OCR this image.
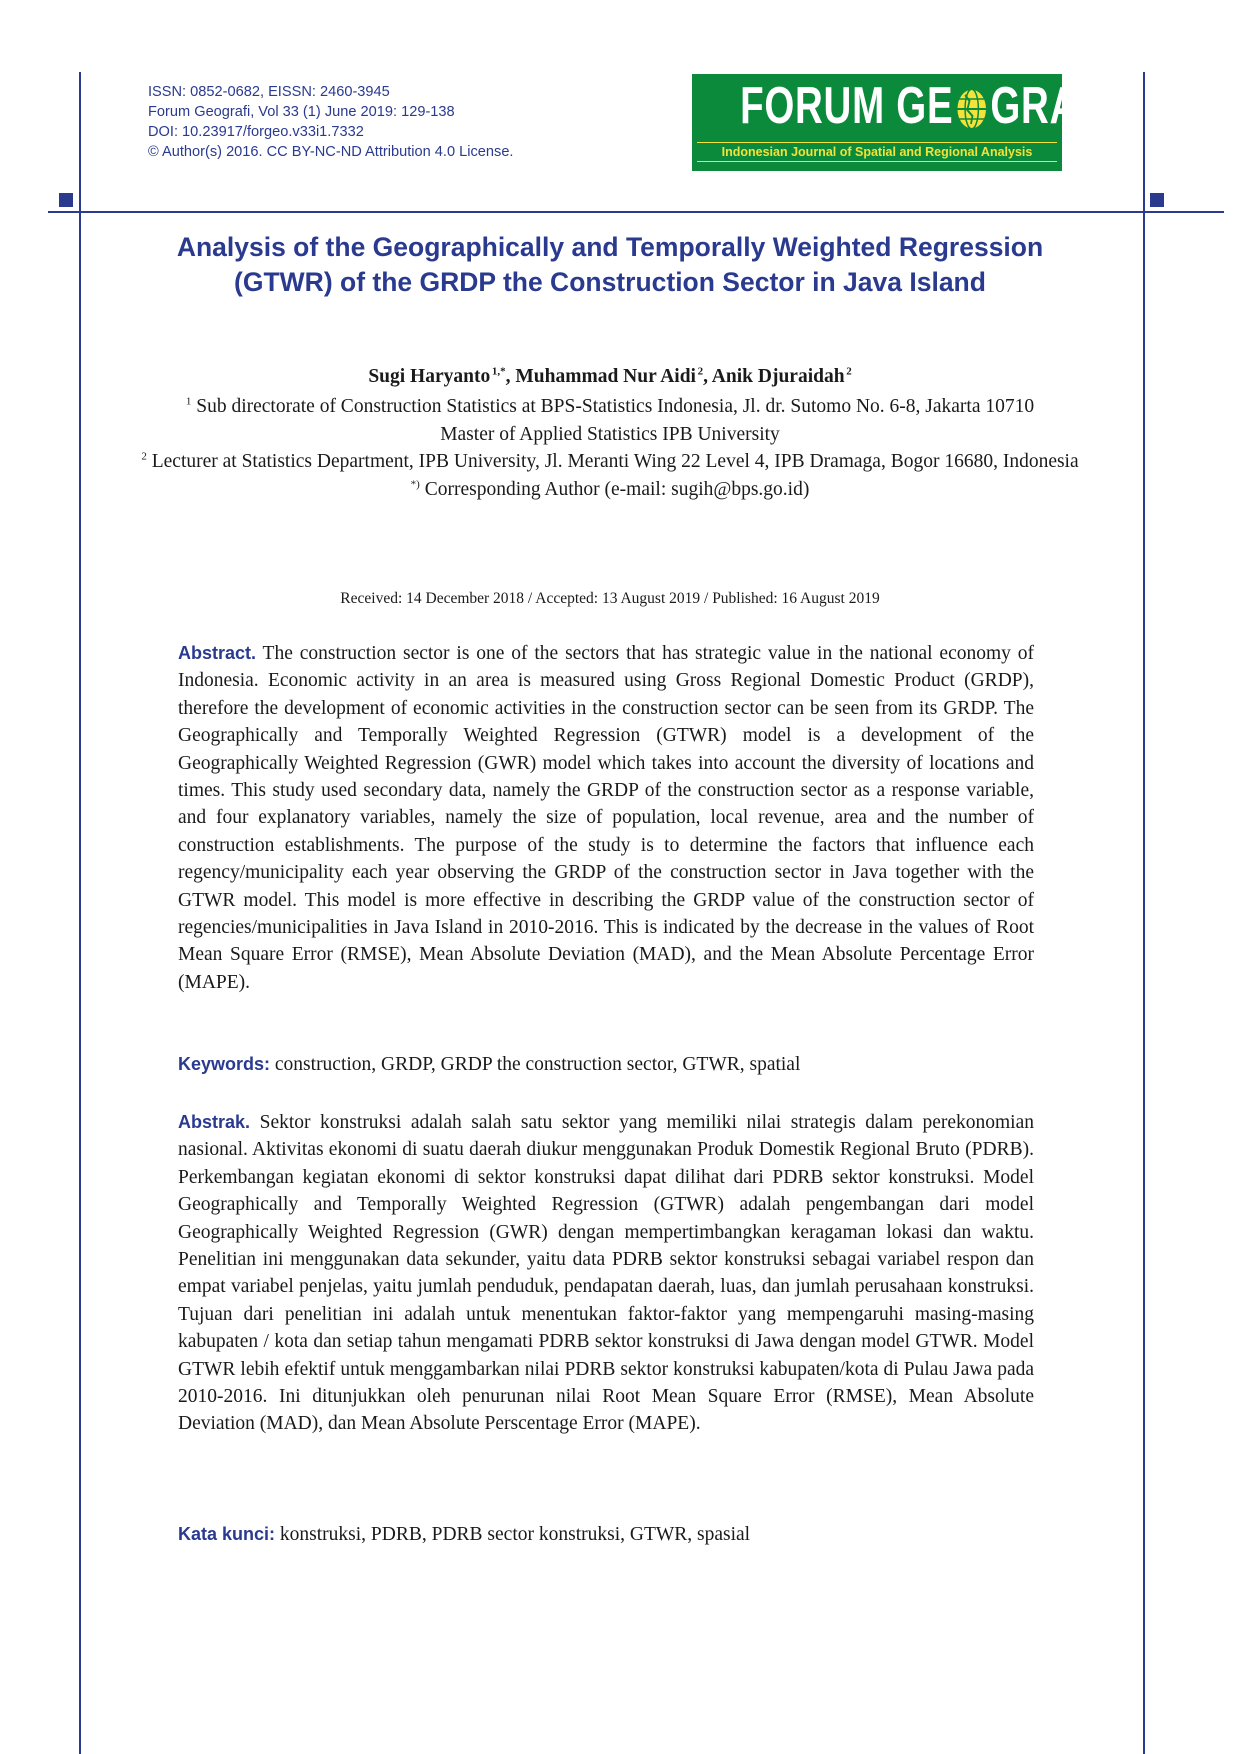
ISSN: 0852-0682, EISSN: 2460-3945
Forum Geografi, Vol 33 (1) June 2019: 129-138
DOI: 10.23917/forgeo.v33i1.7332
© Author(s) 2016. CC BY-NC-ND Attribution 4.0 License.
FORUM GE GRAFI
Indonesian Journal of Spatial and Regional Analysis
Analysis of the Geographically and Temporally Weighted Regression (GTWR) of the GRDP the Construction Sector in Java Island
Sugi Haryanto  $^{1,*}$, Muhammad Nur Aidi  $^2$, Anik Djuraidah  $^2$
$^1$ Sub directorate of Construction Statistics at BPS-Statistics Indonesia, Jl. dr. Sutomo No. 6-8, Jakarta 10710
Master of Applied Statistics IPB University
$^2$ Lecturer at Statistics Department, IPB University, Jl. Meranti Wing 22 Level 4, IPB Dramaga, Bogor 16680, Indonesia
*) Corresponding Author (e-mail: sugih@bps.go.id)
Received: 14 December 2018 / Accepted: 13 August 2019 / Published: 16 August 2019
Abstract. The construction sector is one of the sectors that has strategic value in the national economy of Indonesia. Economic activity in an area is measured using Gross Regional Domestic Product (GRDP), therefore the development of economic activities in the construction sector can be seen from its GRDP. The Geographically and Temporally Weighted Regression (GTWR) model is a development of the Geographically Weighted Regression (GWR) model which takes into account the diversity of locations and times. This study used secondary data, namely the GRDP of the construction sector as a response variable, and four explanatory variables, namely the size of population, local revenue, area and the number of construction establishments. The purpose of the study is to determine the factors that influence each regency/municipality each year observing the GRDP of the construction sector in Java together with the GTWR model. This model is more effective in describing the GRDP value of the construction sector of regencies/municipalities in Java Island in 2010-2016. This is indicated by the decrease in the values of Root Mean Square Error (RMSE), Mean Absolute Deviation (MAD), and the Mean Absolute Percentage Error (MAPE).
Keywords: construction, GRDP, GRDP the construction sector, GTWR, spatial
Abstrak. Sektor konstruksi adalah salah satu sektor yang memiliki nilai strategis dalam perekonomian nasional. Aktivitas ekonomi di suatu daerah diukur menggunakan Produk Domestik Regional Bruto (PDRB). Perkembangan kegiatan ekonomi di sektor konstruksi dapat dilihat dari PDRB sektor konstruksi. Model Geographically and Temporally Weighted Regression (GTWR) adalah pengembangan dari model Geographically Weighted Regression (GWR) dengan mempertimbangkan keragaman lokasi dan waktu. Penelitian ini menggunakan data sekunder, yaitu data PDRB sektor konstruksi sebagai variabel respon dan empat variabel penjelas, yaitu jumlah penduduk, pendapatan daerah, luas, dan jumlah perusahaan konstruksi. Tujuan dari penelitian ini adalah untuk menentukan faktor-faktor yang mempengaruhi masing-masing kabupaten / kota dan setiap tahun mengamati PDRB sektor konstruksi di Jawa dengan model GTWR. Model GTWR lebih efektif untuk menggambarkan nilai PDRB sektor konstruksi kabupaten/kota di Pulau Jawa pada 2010-2016. Ini ditunjukkan oleh penurunan nilai Root Mean Square Error (RMSE), Mean Absolute Deviation (MAD), dan Mean Absolute Perscentage Error (MAPE).
Kata kunci: konstruksi, PDRB, PDRB sector konstruksi, GTWR, spasial
